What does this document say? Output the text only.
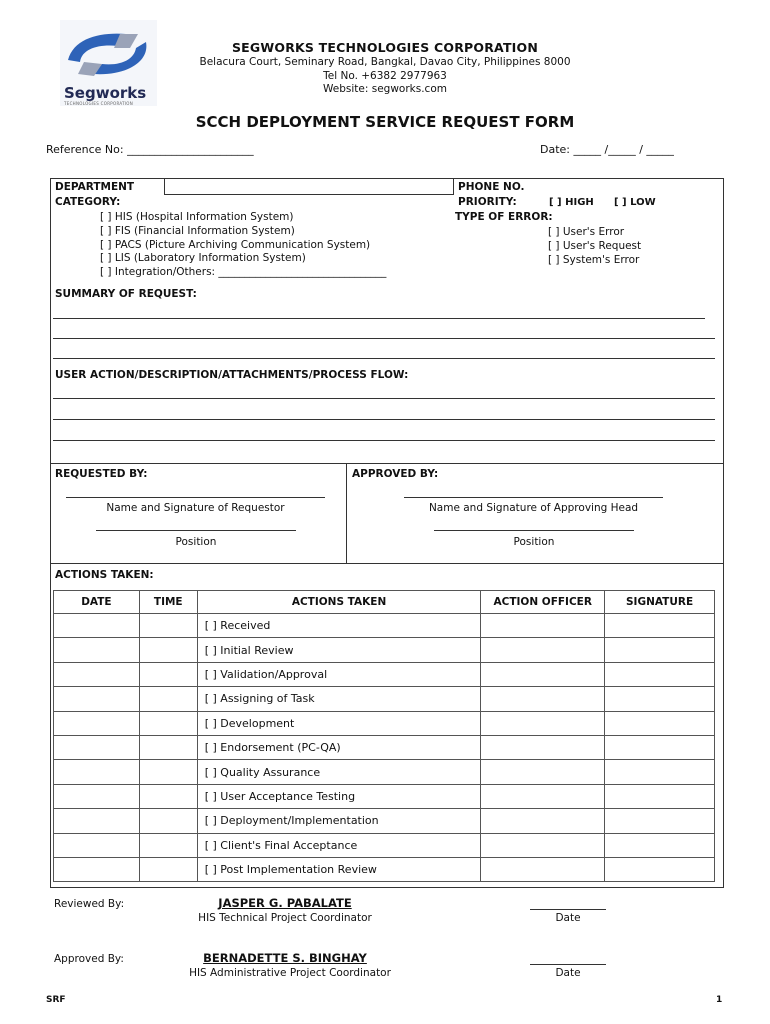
Segworks
TECHNOLOGIES CORPORATION
SEGWORKS TECHNOLOGIES CORPORATION
Belacura Court, Seminary Road, Bangkal, Davao City, Philippines 8000
Tel No. +6382 2977963
Website: segworks.com
SCCH DEPLOYMENT SERVICE REQUEST FORM
Reference No: _______________________	Date: _____ /_____ / _____
DEPARTMENT	PHONE NO.
CATEGORY:
[ ] HIS (Hospital Information System)
[ ] FIS (Financial Information System)
[ ] PACS (Picture Archiving Communication System)
[ ] LIS (Laboratory Information System)
[ ] Integration/Others: ________________________________
PRIORITY:	[ ] HIGH [ ] LOW
TYPE OF ERROR:
[ ] User's Error
[ ] User's Request
[ ] System's Error
SUMMARY OF REQUEST:
USER ACTION/DESCRIPTION/ATTACHMENTS/PROCESS FLOW:
REQUESTED BY:	APPROVED BY:
Name and Signature of Requestor
Position
Name and Signature of Approving Head
Position
ACTIONS TAKEN:
DATE	TIME	ACTIONS TAKEN	ACTION OFFICER	SIGNATURE
		[ ] Received		
		[ ] Initial Review		
		[ ] Validation/Approval		
		[ ] Assigning of Task		
		[ ] Development		
		[ ] Endorsement (PC-QA)		
		[ ] Quality Assurance		
		[ ] User Acceptance Testing		
		[ ] Deployment/Implementation		
		[ ] Client's Final Acceptance		
		[ ] Post Implementation Review		
Reviewed By:	JASPER G. PABALATE
HIS Technical Project Coordinator	Date
Approved By:	BERNADETTE S. BINGHAY
HIS Administrative Project Coordinator	Date
SRF	1
